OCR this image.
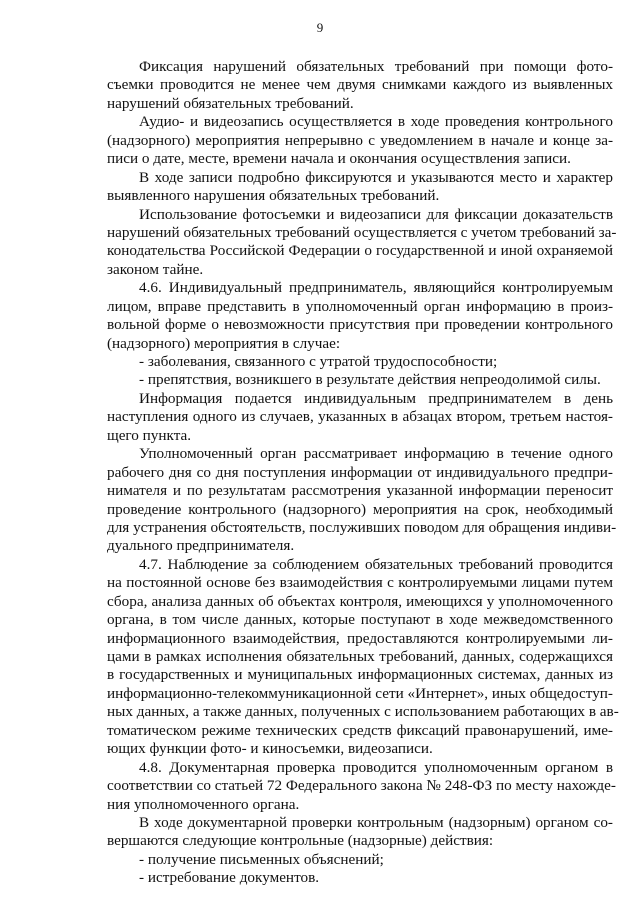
9
Фиксация нарушений обязательных требований при помощи фото-
съемки проводится не менее чем двумя снимками каждого из выявленных
нарушений обязательных требований.
Аудио- и видеозапись осуществляется в ходе проведения контрольного
(надзорного) мероприятия непрерывно с уведомлением в начале и конце за-
писи о дате, месте, времени начала и окончания осуществления записи.
В ходе записи подробно фиксируются и указываются место и характер
выявленного нарушения обязательных требований.
Использование фотосъемки и видеозаписи для фиксации доказательств
нарушений обязательных требований осуществляется с учетом требований за-
конодательства Российской Федерации о государственной и иной охраняемой
законом тайне.
4.6. Индивидуальный предприниматель, являющийся контролируемым
лицом, вправе представить в уполномоченный орган информацию в произ-
вольной форме о невозможности присутствия при проведении контрольного
(надзорного) мероприятия в случае:
- заболевания, связанного с утратой трудоспособности;
- препятствия, возникшего в результате действия непреодолимой силы.
Информация подается индивидуальным предпринимателем в день
наступления одного из случаев, указанных в абзацах втором, третьем настоя-
щего пункта.
Уполномоченный орган рассматривает информацию в течение одного
рабочего дня со дня поступления информации от индивидуального предпри-
нимателя и по результатам рассмотрения указанной информации переносит
проведение контрольного (надзорного) мероприятия на срок, необходимый
для устранения обстоятельств, послуживших поводом для обращения индиви-
дуального предпринимателя.
4.7. Наблюдение за соблюдением обязательных требований проводится
на постоянной основе без взаимодействия с контролируемыми лицами путем
сбора, анализа данных об объектах контроля, имеющихся у уполномоченного
органа, в том числе данных, которые поступают в ходе межведомственного
информационного взаимодействия, предоставляются контролируемыми ли-
цами в рамках исполнения обязательных требований, данных, содержащихся
в государственных и муниципальных информационных системах, данных из
информационно-телекоммуникационной сети «Интернет», иных общедоступ-
ных данных, а также данных, полученных с использованием работающих в ав-
томатическом режиме технических средств фиксаций правонарушений, име-
ющих функции фото- и киносъемки, видеозаписи.
4.8. Документарная проверка проводится уполномоченным органом в
соответствии со статьей 72 Федерального закона № 248-ФЗ по месту нахожде-
ния уполномоченного органа.
В ходе документарной проверки контрольным (надзорным) органом со-
вершаются следующие контрольные (надзорные) действия:
- получение письменных объяснений;
- истребование документов.
